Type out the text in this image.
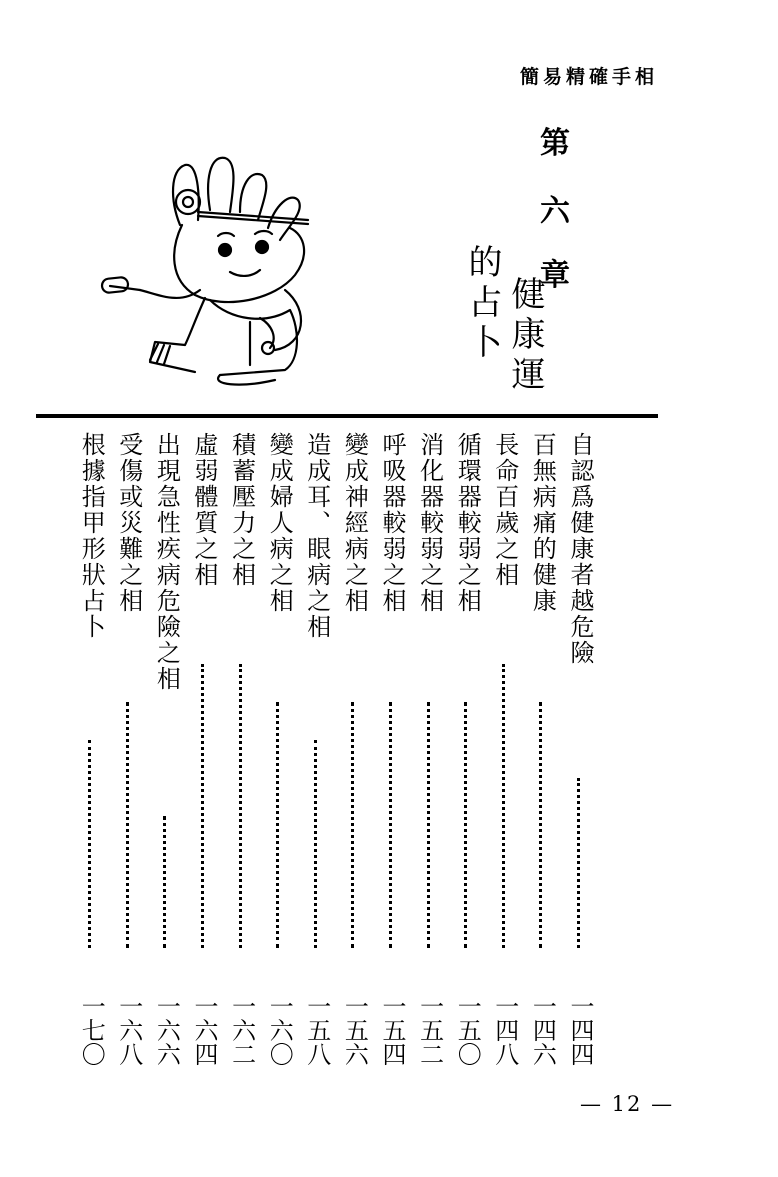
簡易精確手相
第
六
章
健康運
的占卜
自認爲健康者越危險
一四四
百無病痛的健康
一四六
長命百歲之相
一四八
循環器較弱之相
一五〇
消化器較弱之相
一五二
呼吸器較弱之相
一五四
變成神經病之相
一五六
造成耳、眼病之相
一五八
變成婦人病之相
一六〇
積蓄壓力之相
一六二
虛弱體質之相
一六四
出現急性疾病危險之相
一六六
受傷或災難之相
一六八
根據指甲形狀占卜
一七〇
— 12 —
